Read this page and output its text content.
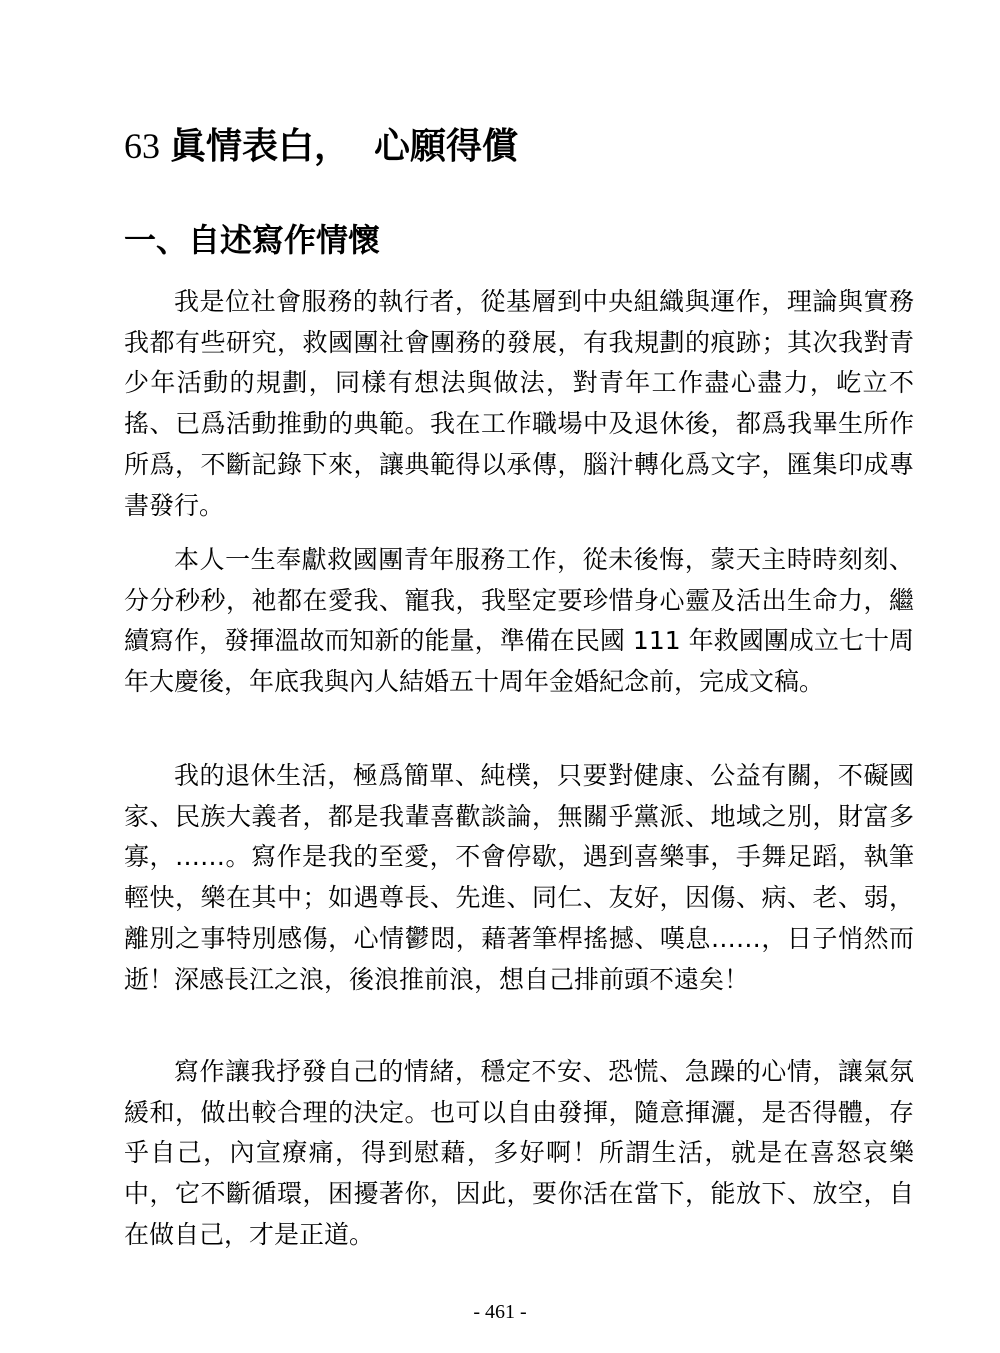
63 眞情表白， 心願得償
一、自述寫作情懷
我是位社會服務的執行者，從基層到中央組織與運作，理論與實務我都有些研究，救國團社會團務的發展，有我規劃的痕跡；其次我對青少年活動的規劃，同樣有想法與做法，對青年工作盡心盡力，屹立不搖、已爲活動推動的典範。我在工作職場中及退休後，都爲我畢生所作所爲，不斷記錄下來，讓典範得以承傳，腦汁轉化爲文字，匯集印成專書發行。
本人一生奉獻救國團青年服務工作，從未後悔，蒙天主時時刻刻、分分秒秒，祂都在愛我、寵我，我堅定要珍惜身心靈及活出生命力，繼續寫作，發揮溫故而知新的能量，準備在民國 111 年救國團成立七十周年大慶後，年底我與內人結婚五十周年金婚紀念前，完成文稿。
我的退休生活，極爲簡單、純樸，只要對健康、公益有關，不礙國家、民族大義者，都是我輩喜歡談論，無關乎黨派、地域之別，財富多寡，……。寫作是我的至愛，不會停歇，遇到喜樂事，手舞足蹈，執筆輕快，樂在其中；如遇尊長、先進、同仁、友好，因傷、病、老、弱，離別之事特別感傷，心情鬱悶，藉著筆桿搖撼、嘆息……，日子悄然而逝！深感長江之浪，後浪推前浪，想自己排前頭不遠矣！
寫作讓我抒發自己的情緒，穩定不安、恐慌、急躁的心情，讓氣氛緩和，做出較合理的決定。也可以自由發揮，隨意揮灑，是否得體，存乎自己，內宣療痛，得到慰藉，多好啊！所謂生活，就是在喜怒哀樂中，它不斷循環，困擾著你，因此，要你活在當下，能放下、放空，自在做自己，才是正道。
- 461 -
